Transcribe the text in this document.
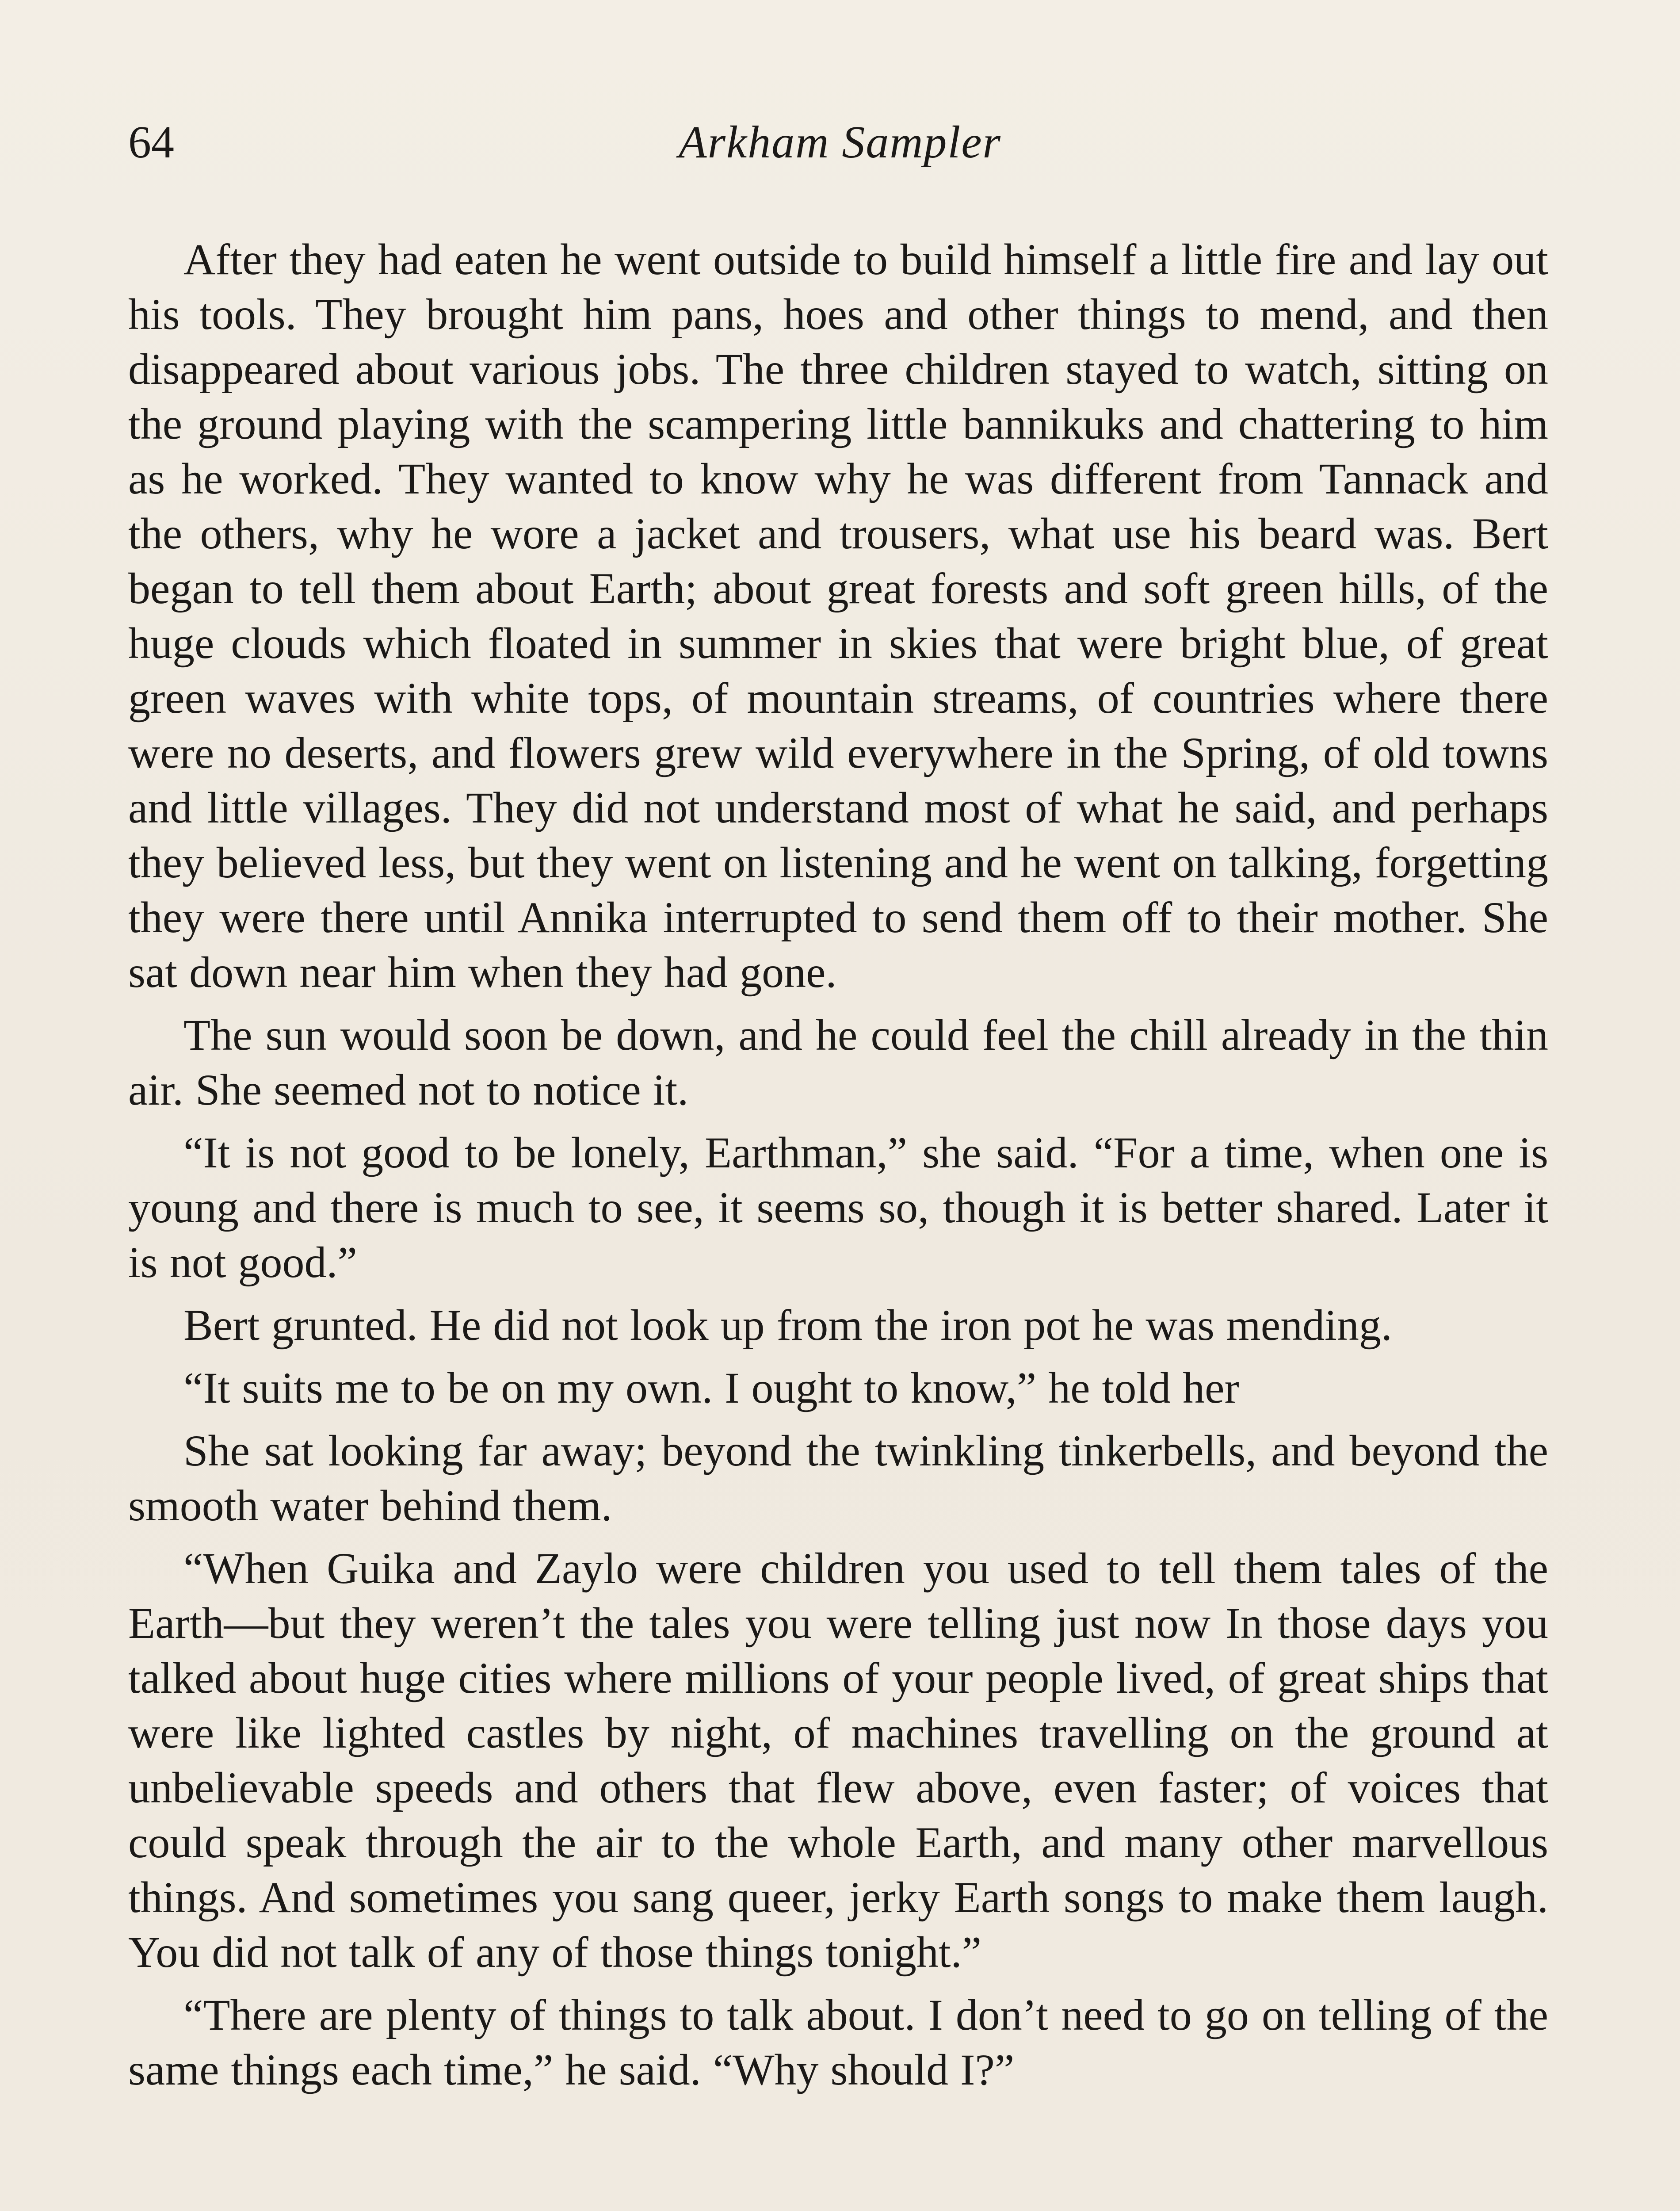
64	Arkham Sampler

After they had eaten he went outside to build himself a little fire and lay out his tools. They brought him pans, hoes and other things to mend, and then disappeared about various jobs. The three children stayed to watch, sitting on the ground playing with the scampering little bannikuks and chattering to him as he worked. They wanted to know why he was different from Tannack and the others, why he wore a jacket and trousers, what use his beard was. Bert began to tell them about Earth; about great forests and soft green hills, of the huge clouds which floated in summer in skies that were bright blue, of great green waves with white tops, of mountain streams, of countries where there were no deserts, and flowers grew wild everywhere in the Spring, of old towns and little villages. They did not understand most of what he said, and perhaps they believed less, but they went on listening and he went on talking, forgetting they were there until Annika interrupted to send them off to their mother. She sat down near him when they had gone.

The sun would soon be down, and he could feel the chill already in the thin air. She seemed not to notice it.

“It is not good to be lonely, Earthman,” she said. “For a time, when one is young and there is much to see, it seems so, though it is better shared. Later it is not good.”

Bert grunted. He did not look up from the iron pot he was mending.

“It suits me to be on my own. I ought to know,” he told her

She sat looking far away; beyond the twinkling tinkerbells, and beyond the smooth water behind them.

“When Guika and Zaylo were children you used to tell them tales of the Earth—but they weren’t the tales you were telling just now In those days you talked about huge cities where millions of your people lived, of great ships that were like lighted castles by night, of machines travelling on the ground at unbelievable speeds and others that flew above, even faster; of voices that could speak through the air to the whole Earth, and many other marvellous things. And sometimes you sang queer, jerky Earth songs to make them laugh. You did not talk of any of those things tonight.”

“There are plenty of things to talk about. I don’t need to go on telling of the same things each time,” he said. “Why should I?”
